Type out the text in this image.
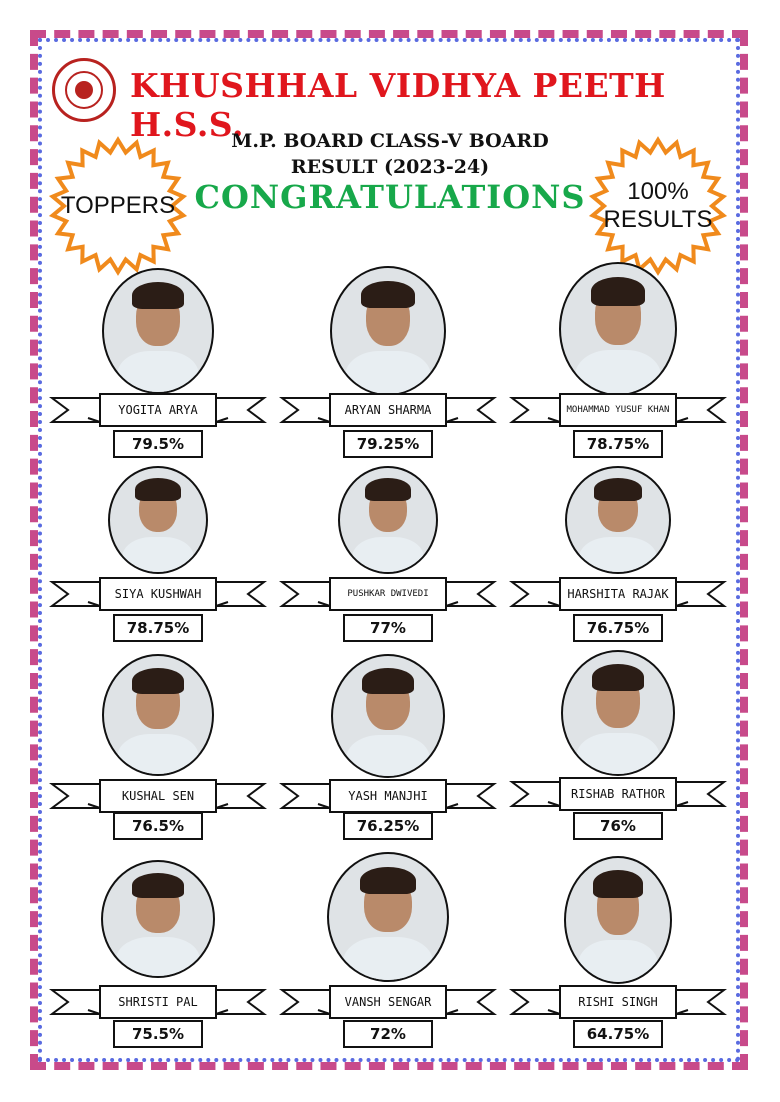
KHUSHHAL VIDHYA PEETH H.S.S.
M.P. BOARD CLASS-V BOARD
RESULT (2023-24)
CONGRATULATIONS
TOPPERS
100%
RESULTS
YOGITA ARYA
79.5%
ARYAN SHARMA
79.25%
MOHAMMAD YUSUF KHAN
78.75%
SIYA KUSHWAH
78.75%
PUSHKAR DWIVEDI
77%
HARSHITA RAJAK
76.75%
KUSHAL SEN
76.5%
YASH MANJHI
76.25%
RISHAB RATHOR
76%
SHRISTI PAL
75.5%
VANSH SENGAR
72%
RISHI SINGH
64.75%
